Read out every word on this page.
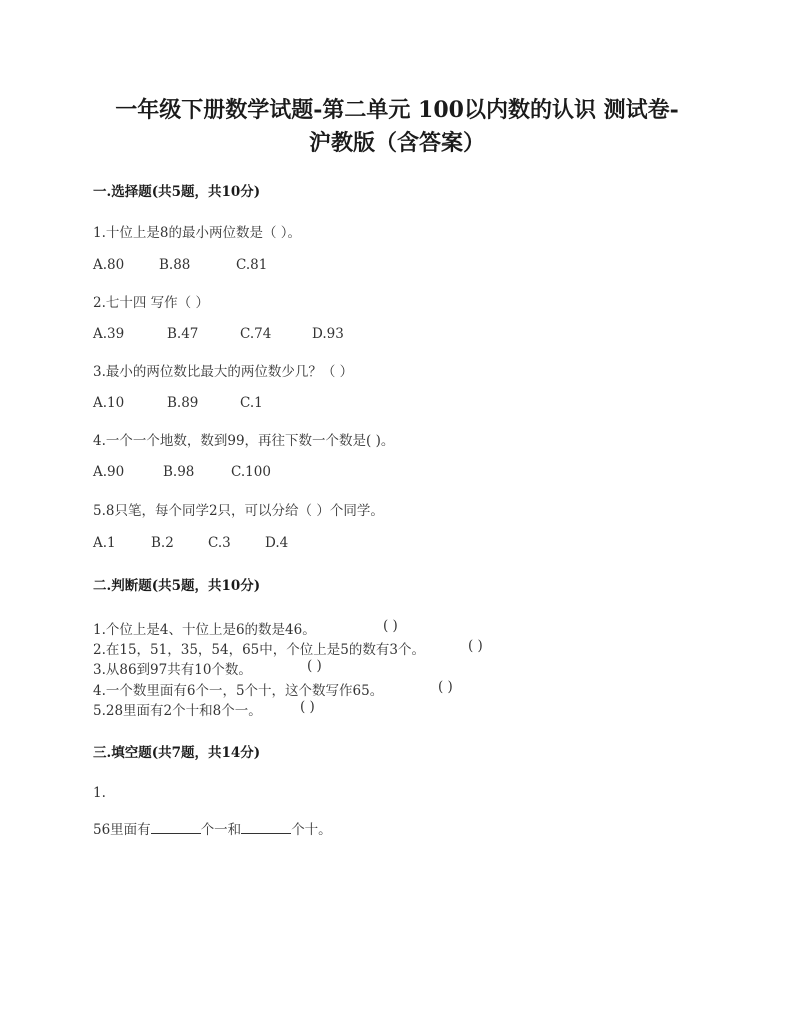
一年级下册数学试题-第二单元 100以内数的认识 测试卷-
沪教版（含答案）
一.选择题(共5题，共10分)
1.十位上是8的最小两位数是（ ）。
A.80	B.88	C.81
2.七十四 写作（ ）
A.39	B.47	C.74	D.93
3.最小的两位数比最大的两位数少几？（ ）
A.10	B.89	C.1
4.一个一个地数，数到99，再往下数一个数是( )。
A.90	B.98	C.100
5.8只笔，每个同学2只，可以分给（ ）个同学。
A.1	B.2	C.3	D.4
二.判断题(共5题，共10分)
1.个位上是4、十位上是6的数是46。	( )
2.在15，51，35，54，65中，个位上是5的数有3个。	( )
3.从86到97共有10个数。	( )
4.一个数里面有6个一，5个十，这个数写作65。	( )
5.28里面有2个十和8个一。	( )
三.填空题(共7题，共14分)
1.
56里面有	个一和	个十。
